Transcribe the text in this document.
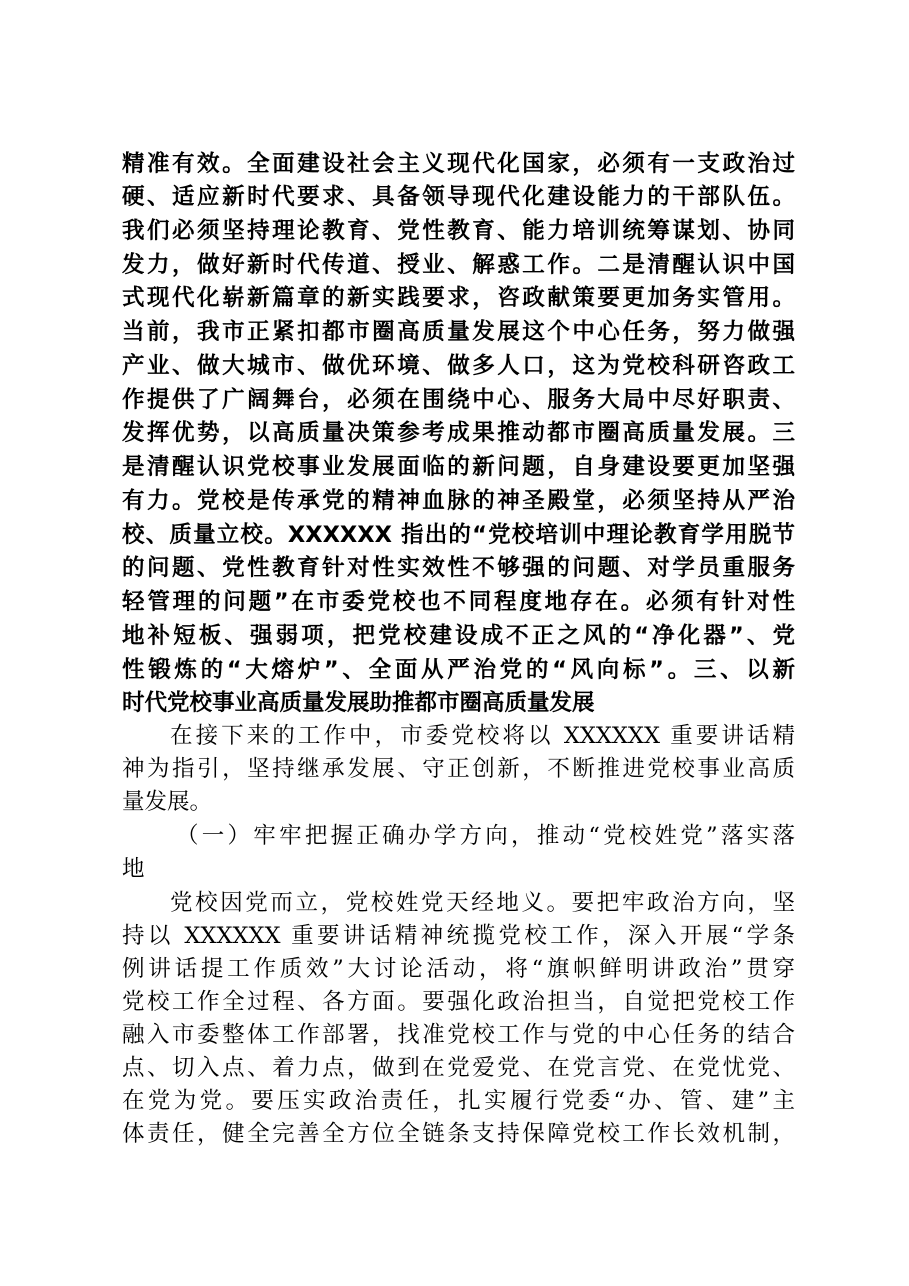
精准有效。全面建设社会主义现代化国家，必须有一支政治过
硬、适应新时代要求、具备领导现代化建设能力的干部队伍。
我们必须坚持理论教育、党性教育、能力培训统筹谋划、协同
发力，做好新时代传道、授业、解惑工作。二是清醒认识中国
式现代化崭新篇章的新实践要求，咨政献策要更加务实管用。
当前，我市正紧扣都市圈高质量发展这个中心任务，努力做强
产业、做大城市、做优环境、做多人口，这为党校科研咨政工
作提供了广阔舞台，必须在围绕中心、服务大局中尽好职责、
发挥优势，以高质量决策参考成果推动都市圈高质量发展。三
是清醒认识党校事业发展面临的新问题，自身建设要更加坚强
有力。党校是传承党的精神血脉的神圣殿堂，必须坚持从严治
校、质量立校。XXXXXX 指出的“党校培训中理论教育学用脱节
的问题、党性教育针对性实效性不够强的问题、对学员重服务
轻管理的问题”在市委党校也不同程度地存在。必须有针对性
地补短板、强弱项，把党校建设成不正之风的“净化器”、党
性锻炼的“大熔炉”、全面从严治党的“风向标”。三、以新
时代党校事业高质量发展助推都市圈高质量发展
在接下来的工作中，市委党校将以 XXXXXX 重要讲话精
神为指引，坚持继承发展、守正创新，不断推进党校事业高质
量发展。
（一）牢牢把握正确办学方向，推动“党校姓党”落实落
地
党校因党而立，党校姓党天经地义。要把牢政治方向，坚
持以 XXXXXX 重要讲话精神统揽党校工作，深入开展“学条
例讲话提工作质效”大讨论活动，将“旗帜鲜明讲政治”贯穿
党校工作全过程、各方面。要强化政治担当，自觉把党校工作
融入市委整体工作部署，找准党校工作与党的中心任务的结合
点、切入点、着力点，做到在党爱党、在党言党、在党忧党、
在党为党。要压实政治责任，扎实履行党委“办、管、建”主
体责任，健全完善全方位全链条支持保障党校工作长效机制，
